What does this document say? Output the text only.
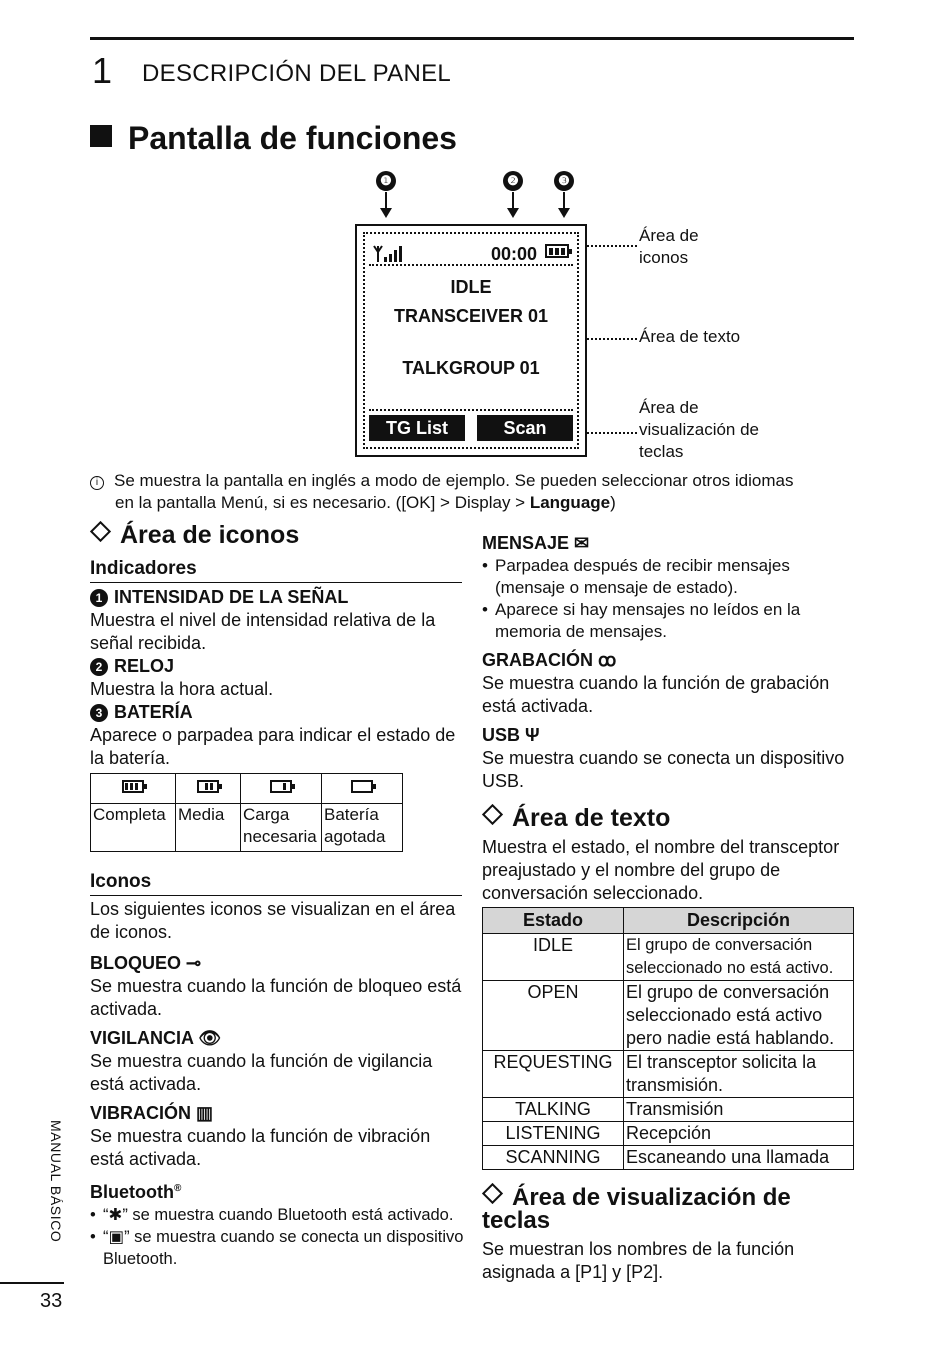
1 DESCRIPCIÓN DEL PANEL
Pantalla de funciones
❶	❷	❸
00:00
IDLE
TRANSCEIVER 01
TALKGROUP 01
TG List	Scan
Área de
iconos
Área de texto
Área de
visualización de
teclas
i Se muestra la pantalla en inglés a modo de ejemplo. Se pueden seleccionar otros idiomas
en la pantalla Menú, si es necesario. ([OK] > Display > Language)
Área de iconos
Indicadores
1 INTENSIDAD DE LA SEÑAL
Muestra el nivel de intensidad relativa de la señal recibida.
2 RELOJ
Muestra la hora actual.
3 BATERÍA
Aparece o parpadea para indicar el estado de la batería.

Completa	Media	Carga necesaria	Batería agotada
Iconos
Los siguientes iconos se visualizan en el área de iconos.
BLOQUEO ⊸
Se muestra cuando la función de bloqueo está activada.
VIGILANCIA 👁
Se muestra cuando la función de vigilancia está activada.
VIBRACIÓN ▥
Se muestra cuando la función de vibración está activada.
Bluetooth®
• “✱” se muestra cuando Bluetooth está activado.
• “▣” se muestra cuando se conecta un dispositivo Bluetooth.
MENSAJE ✉
• Parpadea después de recibir mensajes (mensaje o mensaje de estado).
• Aparece si hay mensajes no leídos en la memoria de mensajes.
GRABACIÓN ꝏ
Se muestra cuando la función de grabación está activada.
USB Ψ
Se muestra cuando se conecta un dispositivo USB.
Área de texto
Muestra el estado, el nombre del transceptor preajustado y el nombre del grupo de conversación seleccionado.
Estado	Descripción
IDLE	El grupo de conversación seleccionado no está activo.
OPEN	El grupo de conversación seleccionado está activo pero nadie está hablando.
REQUESTING	El transceptor solicita la transmisión.
TALKING	Transmisión
LISTENING	Recepción
SCANNING	Escaneando una llamada
Área de visualización de teclas
Se muestran los nombres de la función asignada a [P1] y [P2].
MANUAL BÁSICO
33
